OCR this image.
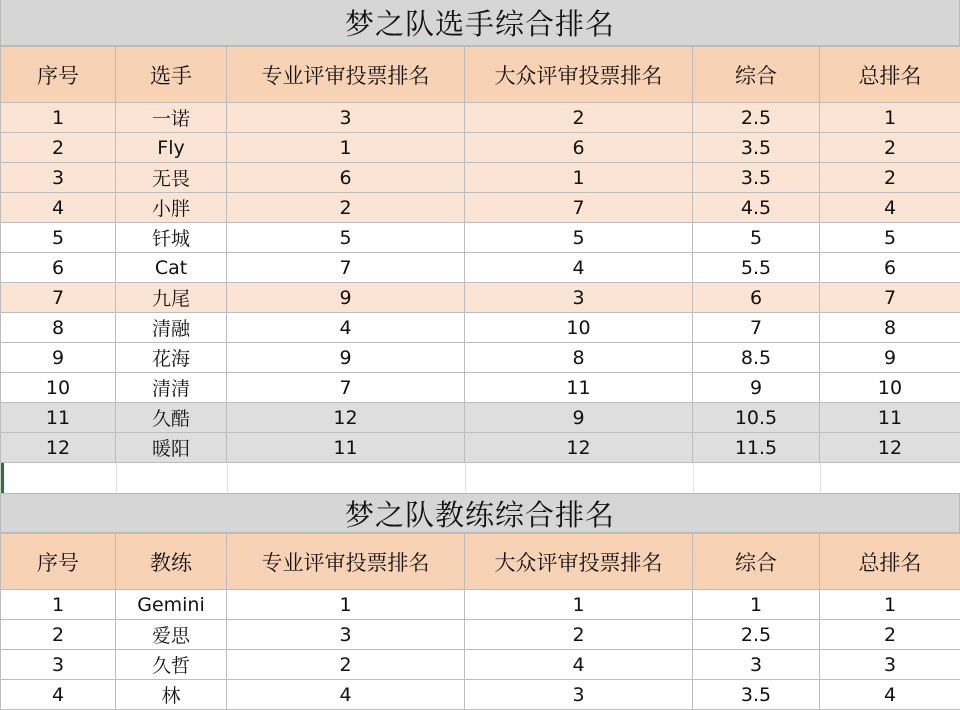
梦之队选手综合排名
序号	选手	专业评审投票排名	大众评审投票排名	综合	总排名
1	一诺	3	2	2.5	1
2	Fly	1	6	3.5	2
3	无畏	6	1	3.5	2
4	小胖	2	7	4.5	4
5	钎城	5	5	5	5
6	Cat	7	4	5.5	6
7	九尾	9	3	6	7
8	清融	4	10	7	8
9	花海	9	8	8.5	9
10	清清	7	11	9	10
11	久酷	12	9	10.5	11
12	暖阳	11	12	11.5	12
梦之队教练综合排名
序号	教练	专业评审投票排名	大众评审投票排名	综合	总排名
1	Gemini	1	1	1	1
2	爱思	3	2	2.5	2
3	久哲	2	4	3	3
4	林	4	3	3.5	4
